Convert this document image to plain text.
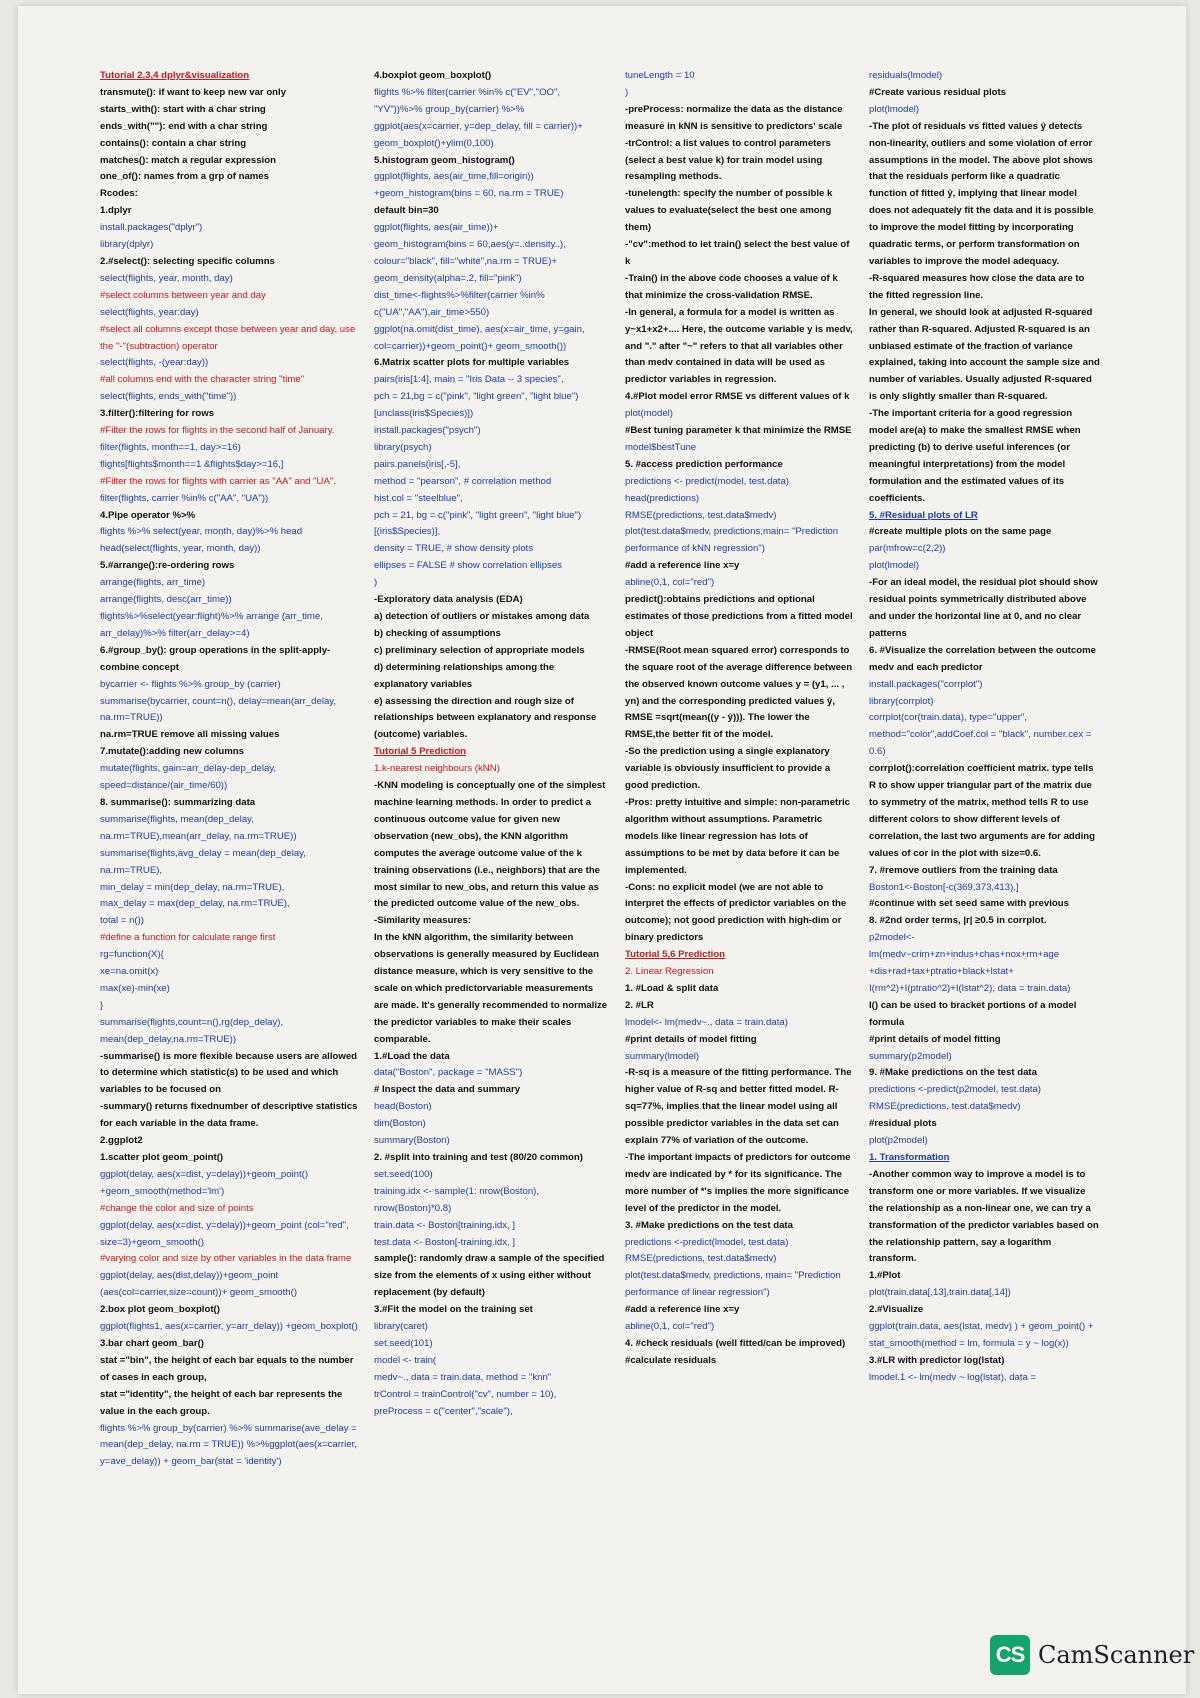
Tutorial 2,3,4 dplyr&visualization

transmute(): if want to keep new var only

starts_with(): start with a char string

ends_with(""): end with a char string

contains(): contain a char string

matches(): match a regular expression

one_of(): names from a grp of names

Rcodes:

1.dplyr

install.packages("dplyr")

library(dplyr)

2.#select(): selecting specific columns

select(flights, year, month, day)

#select columns between year and day

select(flights, year:day)

#select all columns except those between year and day, use the "-"(subtraction) operator

select(flights, -(year:day))

#all columns end with the character string "time"

select(flights, ends_with("time"))

3.filter():filtering for rows

#Filter the rows for flights in the second half of January.

filter(flights, month==1, day>=16)

flights[flights$month==1 &flights$day>=16,]

#Filter the rows for flights with carrier as "AA" and "UA".

filter(flights, carrier %in% c("AA", "UA"))

4.Pipe operator %>%

flights %>% select(year, month, day)%>% head

head(select(flights, year, month, day))

5.#arrange():re-ordering rows

arrange(flights, arr_time)

arrange(flights, desc(arr_time))

flights%>%select(year:flight)%>% arrange (arr_time, arr_delay)%>% filter(arr_delay>=4)

6.#group_by(): group operations in the split-apply-combine concept

bycarrier <- flights %>% group_by (carrier)

summarise(bycarrier, count=n(), delay=mean(arr_delay, na.rm=TRUE))

na.rm=TRUE remove all missing values

7.mutate():adding new columns

mutate(flights, gain=arr_delay-dep_delay, speed=distance/(air_time/60))

8. summarise(): summarizing data

summarise(flights, mean(dep_delay, na.rm=TRUE),mean(arr_delay, na.rm=TRUE))

summarise(flights,avg_delay = mean(dep_delay, na.rm=TRUE),

min_delay = min(dep_delay, na.rm=TRUE),

max_delay = max(dep_delay, na.rm=TRUE),

total = n())

#define a function for calculate range first

rg=function(X){

xe=na.omit(x)

max(xe)-min(xe)

}

summarise(flights,count=n(),rg(dep_delay), mean(dep_delay,na.rm=TRUE))

-summarise() is more flexible because users are allowed to determine which statistic(s) to be used and which variables to be focused on

-summary() returns fixednumber of descriptive statistics for each variable in the data frame.

2.ggplot2

1.scatter plot geom_point()

ggplot(delay, aes(x=dist, y=delay))+geom_point() +geom_smooth(method='lm')

#change the color and size of points

ggplot(delay, aes(x=dist, y=delay))+geom_point (col="red", size=3)+geom_smooth()

#varying color and size by other variables in the data frame

ggplot(delay, aes(dist,delay))+geom_point (aes(col=carrier,size=count))+ geom_smooth()

2.box plot geom_boxplot()

ggplot(flights1, aes(x=carrier, y=arr_delay)) +geom_boxplot()

3.bar chart geom_bar()

stat ="bin", the height of each bar equals to the number of cases in each group,

stat ="identity", the height of each bar represents the value in the each group.

flights %>% group_by(carrier) %>% summarise(ave_delay = mean(dep_delay, na.rm = TRUE)) %>%ggplot(aes(x=carrier, y=ave_delay)) + geom_bar(stat = 'identity')

4.boxplot geom_boxplot()

flights %>% filter(carrier %in% c("EV","OO", "YV"))%>% group_by(carrier) %>%

ggplot(aes(x=carrier, y=dep_delay, fill = carrier))+ geom_boxplot()+ylim(0,100)

5.histogram geom_histogram()

ggplot(flights, aes(air_time,fill=origin))

+geom_histogram(bins = 60, na.rm = TRUE)

default bin=30

ggplot(flights, aes(air_time))+

geom_histogram(bins = 60,aes(y=..density..), colour="black", fill="white",na.rm = TRUE)+

geom_density(alpha=.2, fill="pink")

dist_time<-flights%>%filter(carrier %in% c("UA","AA"),air_time>550)

ggplot(na.omit(dist_time), aes(x=air_time, y=gain, col=carrier))+geom_point()+ geom_smooth())

6.Matrix scatter plots for multiple variables

pairs(iris[1:4], main = "Iris Data -- 3 species",

pch = 21,bg = c("pink", "light green", "light blue") [unclass(iris$Species)])

install.packages("psych")

library(psych)

pairs.panels(iris[,-5],

method = "pearson", # correlation method

hist.col = "steelblue",

pch = 21, bg = c("pink", "light green", "light blue")[(iris$Species)],

density = TRUE, # show density plots

ellipses = FALSE # show correlation ellipses

)

-Exploratory data analysis (EDA)

a) detection of outliers or mistakes among data

b) checking of assumptions

c) preliminary selection of appropriate models

d) determining relationships among the explanatory variables

e) assessing the direction and rough size of relationships between explanatory and response (outcome) variables.

Tutorial 5 Prediction

1.k-nearest neighbours (kNN)

-KNN modeling is conceptually one of the simplest machine learning methods. In order to predict a continuous outcome value for given new observation (new_obs), the KNN algorithm computes the average outcome value of the k training observations (i.e., neighbors) that are the most similar to new_obs, and return this value as the predicted outcome value of the new_obs.

-Similarity measures:

In the kNN algorithm, the similarity between observations is generally measured by Euclidean distance measure, which is very sensitive to the scale on which predictorvariable measurements are made. It's generally recommended to normalize the predictor variables to make their scales comparable.

1.#Load the data

data("Boston", package = "MASS")

# Inspect the data and summary

head(Boston)

dim(Boston)

summary(Boston)

2. #split into training and test (80/20 common)

set.seed(100)

training.idx <- sample(1: nrow(Boston), nrow(Boston)*0.8)

train.data <- Boston[training.idx, ]

test.data <- Boston[-training.idx, ]

sample(): randomly draw a sample of the specified size from the elements of x using either without replacement (by default)

3.#Fit the model on the training set

library(caret)

set.seed(101)

model <- train(

medv~., data = train.data, method = "knn"

trControl = trainControl("cv", number = 10),

preProcess = c("center","scale"),

tuneLength = 10

)

-preProcess: normalize the data as the distance measure in kNN is sensitive to predictors' scale

-trControl: a list values to control parameters (select a best value k) for train model using resampling methods.

-tunelength: specify the number of possible k values to evaluate(select the best one among them)

-"cv":method to let train() select the best value of k

-Train() in the above code chooses a value of k that minimize the cross-validation RMSE.

-In general, a formula for a model is written as y~x1+x2+.... Here, the outcome variable y is medv, and "." after "~" refers to that all variables other than medv contained in data will be used as predictor variables in regression.

4.#Plot model error RMSE vs different values of k

plot(model)

#Best tuning parameter k that minimize the RMSE

model$bestTune

5. #access prediction performance

predictions <- predict(model, test.data)

head(predictions)

RMSE(predictions, test.data$medv)

plot(test.data$medv, predictions,main= "Prediction performance of kNN regression")

#add a reference line x=y

abline(0,1, col="red")

predict():obtains predictions and optional estimates of those predictions from a fitted model object

-RMSE(Root mean squared error) corresponds to the square root of the average difference between the observed known outcome values y = (y1, ... , yn) and the corresponding predicted values ŷ, RMSE =sqrt(mean((y - ŷ))). The lower the RMSE,the better fit of the model.

-So the prediction using a single explanatory variable is obviously insufficient to provide a good prediction.

-Pros: pretty intuitive and simple: non-parametric algorithm without assumptions. Parametric models like linear regression has lots of assumptions to be met by data before it can be implemented.

-Cons: no explicit model (we are not able to interpret the effects of predictor variables on the outcome); not good prediction with high-dim or binary predictors

Tutorial 5,6 Prediction

2. Linear Regression

1. #Load & split data

2. #LR

lmodel<- lm(medv~., data = train.data)

#print details of model fitting

summary(lmodel)

-R-sq is a measure of the fitting performance. The higher value of R-sq and better fitted model. R-sq=77%, implies that the linear model using all possible predictor variables in the data set can explain 77% of variation of the outcome.

-The important impacts of predictors for outcome medv are indicated by * for its significance. The more number of *'s implies the more significance level of the predictor in the model.

3. #Make predictions on the test data

predictions <-predict(lmodel, test.data)

RMSE(predictions, test.data$medv)

plot(test.data$medv, predictions, main= "Prediction performance of linear regression")

#add a reference line x=y

abline(0,1, col="red")

4. #check residuals (well fitted/can be improved)

#calculate residuals

residuals(lmodel)

#Create various residual plots

plot(lmodel)

-The plot of residuals vs fitted values ŷ detects non-linearity, outliers and some violation of error assumptions in the model. The above plot shows that the residuals perform like a quadratic function of fitted ŷ, implying that linear model does not adequately fit the data and it is possible to improve the model fitting by incorporating quadratic terms, or perform transformation on variables to improve the model adequacy.

-R-squared measures how close the data are to the fitted regression line.

In general, we should look at adjusted R-squared rather than R-squared. Adjusted R-squared is an unbiased estimate of the fraction of variance explained, taking into account the sample size and number of variables. Usually adjusted R-squared is only slightly smaller than R-squared.

-The important criteria for a good regression model are(a) to make the smallest RMSE when predicting (b) to derive useful inferences (or meaningful interpretations) from the model formulation and the estimated values of its coefficients.

5. #Residual plots of LR

#create multiple plots on the same page

par(mfrow=c(2,2))

plot(lmodel)

-For an ideal model, the residual plot should show residual points symmetrically distributed above and under the horizontal line at 0, and no clear patterns

6. #Visualize the correlation between the outcome medv and each predictor

install.packages("corrplot")

library(corrplot)

corrplot(cor(train.data), type="upper", method="color",addCoef.col = "black", number.cex = 0.6)

corrplot():correlation coefficient matrix. type tells R to show upper triangular part of the matrix due to symmetry of the matrix, method tells R to use different colors to show different levels of correlation, the last two arguments are for adding values of cor in the plot with size=0.6.

7. #remove outliers from the training data

Boston1<-Boston[-c(369,373,413),]

#continue with set seed same with previous

8. #2nd order terms, |r| ≥0.5 in corrplot.

p2model<-

lm(medv~crim+zn+indus+chas+nox+rm+age +dis+rad+tax+ptratio+black+lstat+ I(rm^2)+I(ptratio^2)+I(lstat^2), data = train.data)

I() can be used to bracket portions of a model formula

#print details of model fitting

summary(p2model)

9. #Make predictions on the test data

predictions <-predict(p2model, test.data)

RMSE(predictions, test.data$medv)

#residual plots

plot(p2model)

1. Transformation

-Another common way to improve a model is to transform one or more variables. If we visualize the relationship as a non-linear one, we can try a transformation of the predictor variables based on the relationship pattern, say a logarithm transform.

1.#Plot

plot(train.data[,13],train.data[,14])

2.#Visualize

ggplot(train.data, aes(lstat, medv) ) + geom_point() + stat_smooth(method = lm, formula = y ~ log(x))

3.#LR with predictor log(lstat)

lmodel.1 <- lm(medv ~ log(lstat), data =

CS CamScanner
